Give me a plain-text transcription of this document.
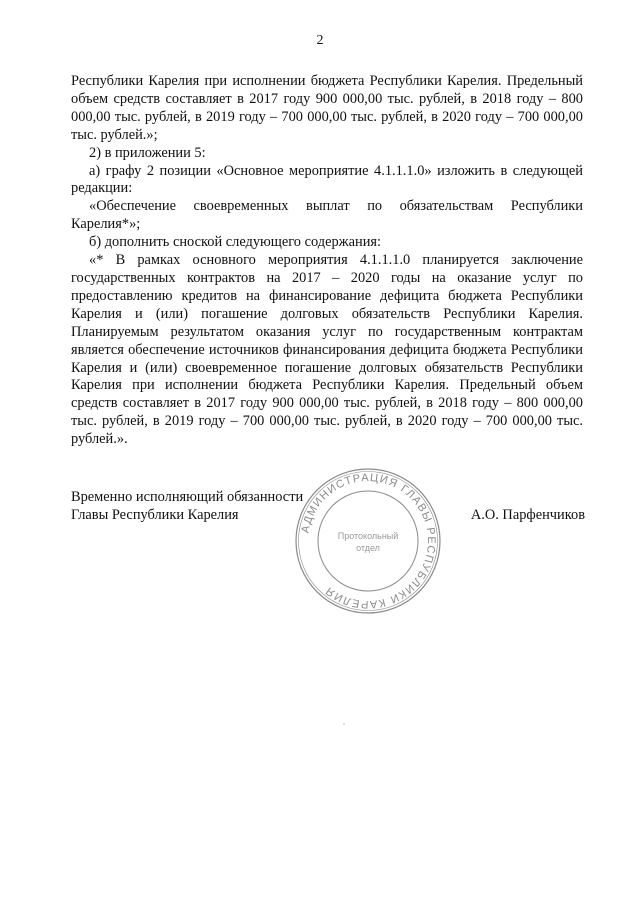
2

Республики Карелия при исполнении бюджета Республики Карелия. Предельный объем средств составляет в 2017 году 900 000,00 тыс. рублей, в 2018 году – 800 000,00 тыс. рублей, в 2019 году – 700 000,00 тыс. рублей, в 2020 году – 700 000,00 тыс. рублей.»;

2) в приложении 5:

а) графу 2 позиции «Основное мероприятие 4.1.1.1.0» изложить в следующей редакции:

«Обеспечение своевременных выплат по обязательствам Республики Карелия*»;

б) дополнить сноской следующего содержания:

«* В рамках основного мероприятия 4.1.1.1.0 планируется заключение государственных контрактов на 2017 – 2020 годы на оказание услуг по предоставлению кредитов на финансирование дефицита бюджета Республики Карелия и (или) погашение долговых обязательств Республики Карелия. Планируемым результатом оказания услуг по государственным контрактам является обеспечение источников финансирования дефицита бюджета Республики Карелия и (или) своевременное погашение долговых обязательств Республики Карелия при исполнении бюджета Республики Карелия. Предельный объем средств составляет в 2017 году 900 000,00 тыс. рублей, в 2018 году – 800 000,00 тыс. рублей, в 2019 году – 700 000,00 тыс. рублей, в 2020 году – 700 000,00 тыс. рублей.».

Временно исполняющий обязанности
Главы Республики Карелия	А.О. Парфенчиков
АДМИНИСТРАЦИЯ ГЛАВЫ РЕСПУБЛИКИ КАРЕЛИЯ
Протокольный
отдел
